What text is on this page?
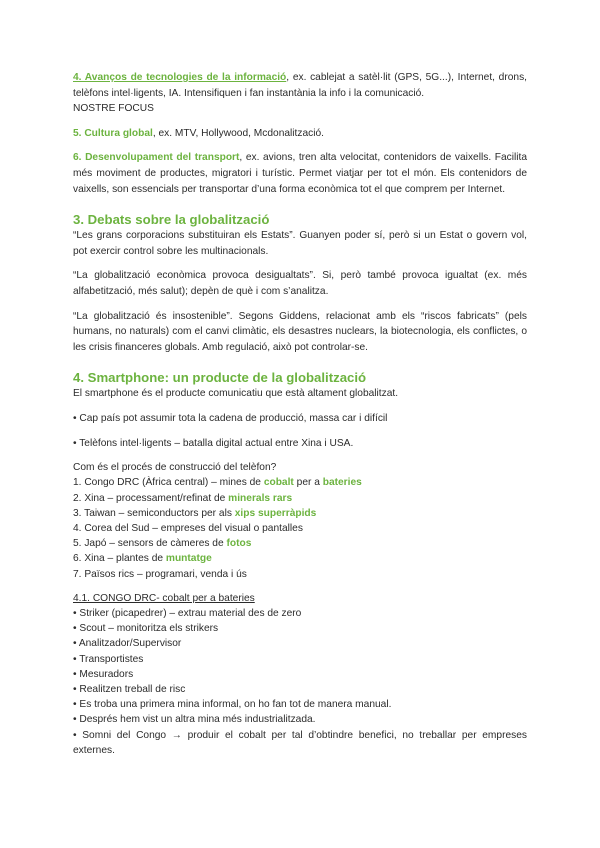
4. Avanços de tecnologies de la informació, ex. cablejat a satèl·lit (GPS, 5G...), Internet, drons, telèfons intel·ligents, IA. Intensifiquen i fan instantània la info i la comunicació.

NOSTRE FOCUS

5. Cultura global, ex. MTV, Hollywood, Mcdonalització.

6. Desenvolupament del transport, ex. avions, tren alta velocitat, contenidors de vaixells. Facilita més moviment de productes, migratori i turístic. Permet viatjar per tot el món. Els contenidors de vaixells, son essencials per transportar d’una forma econòmica tot el que comprem per Internet.

3. Debats sobre la globalització

“Les grans corporacions substituiran els Estats”. Guanyen poder sí, però si un Estat o govern vol, pot exercir control sobre les multinacionals.

“La globalització econòmica provoca desigualtats”. Si, però també provoca igualtat (ex. més alfabetització, més salut); depèn de què i com s’analitza.

“La globalització és insostenible”. Segons Giddens, relacionat amb els “riscos fabricats” (pels humans, no naturals) com el canvi climàtic, els desastres nuclears, la biotecnologia, els conflictes, o les crisis financeres globals. Amb regulació, això pot controlar-se.

4. Smartphone: un producte de la globalització

El smartphone és el producte comunicatiu que està altament globalitzat.

• Cap país pot assumir tota la cadena de producció, massa car i difícil

• Telèfons intel·ligents – batalla digital actual entre Xina i USA.

Com és el procés de construcció del telèfon?
1. Congo DRC (Àfrica central) – mines de cobalt per a bateries
2. Xina – processament/refinat de minerals rars
3. Taiwan – semiconductors per als xips superràpids
4. Corea del Sud – empreses del visual o pantalles
5. Japó – sensors de càmeres de fotos
6. Xina – plantes de muntatge
7. Països rics – programari, venda i ús
4.1. CONGO DRC- cobalt per a bateries
• Striker (picapedrer) – extrau material des de zero
• Scout – monitoritza els strikers
• Analitzador/Supervisor
• Transportistes
• Mesuradors
• Realitzen treball de risc
• Es troba una primera mina informal, on ho fan tot de manera manual.
• Després hem vist un altra mina més industrialitzada.

• Somni del Congo → produir el cobalt per tal d’obtindre benefici, no treballar per empreses externes.
